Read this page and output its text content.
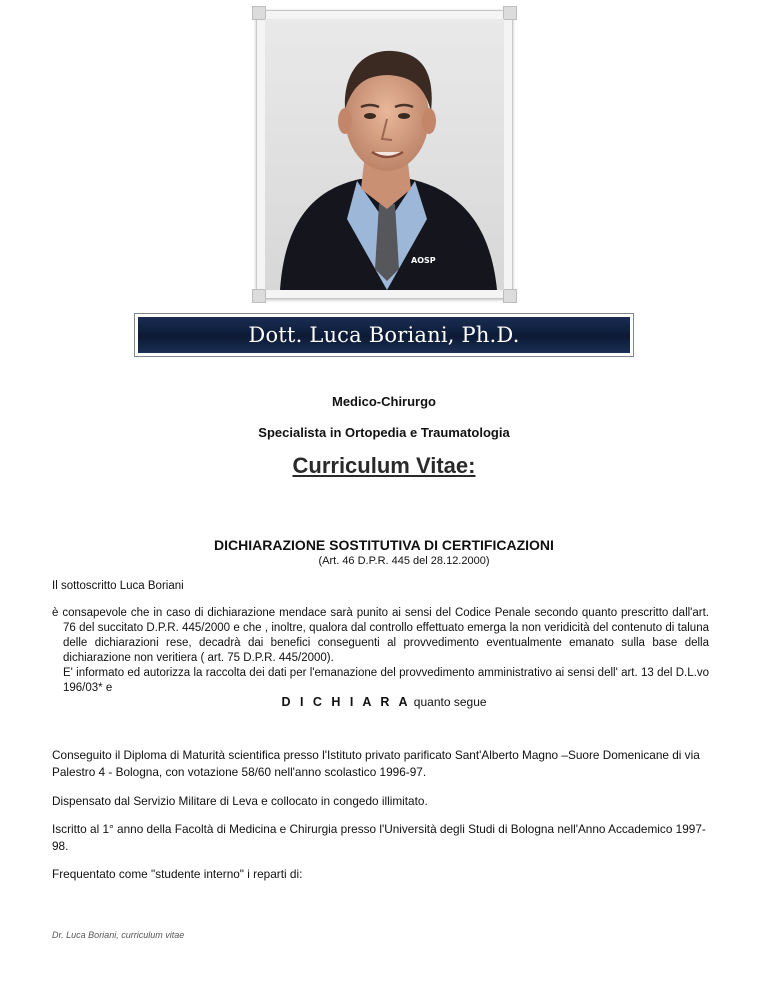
AOSP
Dott. Luca Boriani, Ph.D.
Medico-Chirurgo
Specialista in Ortopedia e Traumatologia
Curriculum Vitae:
DICHIARAZIONE SOSTITUTIVA DI CERTIFICAZIONI
(Art. 46 D.P.R. 445 del 28.12.2000)
Il sottoscritto Luca Boriani
è consapevole che in caso di dichiarazione mendace sarà punito ai sensi del Codice Penale secondo quanto prescritto dall'art. 76 del succitato D.P.R. 445/2000 e che , inoltre, qualora dal controllo effettuato emerga la non veridicità del contenuto di taluna delle dichiarazioni rese, decadrà dai benefici conseguenti al provvedimento eventualmente emanato sulla base della dichiarazione non veritiera ( art. 75 D.P.R. 445/2000).
E' informato ed autorizza la raccolta dei dati per l'emanazione del provvedimento amministrativo ai sensi dell' art. 13 del D.L.vo 196/03* e
D I C H I A R A quanto segue
Conseguito il Diploma di Maturità scientifica presso l'Istituto privato parificato Sant'Alberto Magno –Suore Domenicane di via Palestro 4 - Bologna, con votazione 58/60 nell'anno scolastico 1996-97.
Dispensato dal Servizio Militare di Leva e collocato in congedo illimitato.
Iscritto al 1° anno della Facoltà di Medicina e Chirurgia presso l'Università degli Studi di Bologna nell'Anno Accademico 1997-98.
Frequentato come "studente interno" i reparti di:
Dr. Luca Boriani, curriculum vitae
